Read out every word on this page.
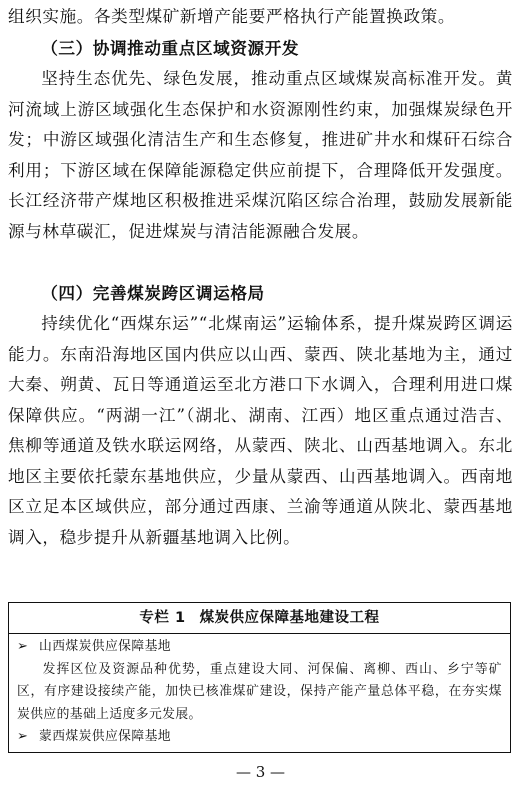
组织实施。各类型煤矿新增产能要严格执行产能置换政策。

（三）协调推动重点区域资源开发

坚持生态优先、绿色发展，推动重点区域煤炭高标准开发。黄河流域上游区域强化生态保护和水资源刚性约束，加强煤炭绿色开发；中游区域强化清洁生产和生态修复，推进矿井水和煤矸石综合利用；下游区域在保障能源稳定供应前提下，合理降低开发强度。长江经济带产煤地区积极推进采煤沉陷区综合治理，鼓励发展新能源与林草碳汇，促进煤炭与清洁能源融合发展。

（四）完善煤炭跨区调运格局

持续优化“西煤东运”“北煤南运”运输体系，提升煤炭跨区调运能力。东南沿海地区国内供应以山西、蒙西、陕北基地为主，通过大秦、朔黄、瓦日等通道运至北方港口下水调入，合理利用进口煤保障供应。“两湖一江”（湖北、湖南、江西）地区重点通过浩吉、焦柳等通道及铁水联运网络，从蒙西、陕北、山西基地调入。东北地区主要依托蒙东基地供应，少量从蒙西、山西基地调入。西南地区立足本区域供应，部分通过西康、兰渝等通道从陕北、蒙西基地调入，稳步提升从新疆基地调入比例。

专栏 1 煤炭供应保障基地建设工程
➢ 山西煤炭供应保障基地

发挥区位及资源品种优势，重点建设大同、河保偏、离柳、西山、乡宁等矿区，有序建设接续产能，加快已核准煤矿建设，保持产能产量总体平稳，在夯实煤炭供应的基础上适度多元发展。

➢ 蒙西煤炭供应保障基地
— 3 —
